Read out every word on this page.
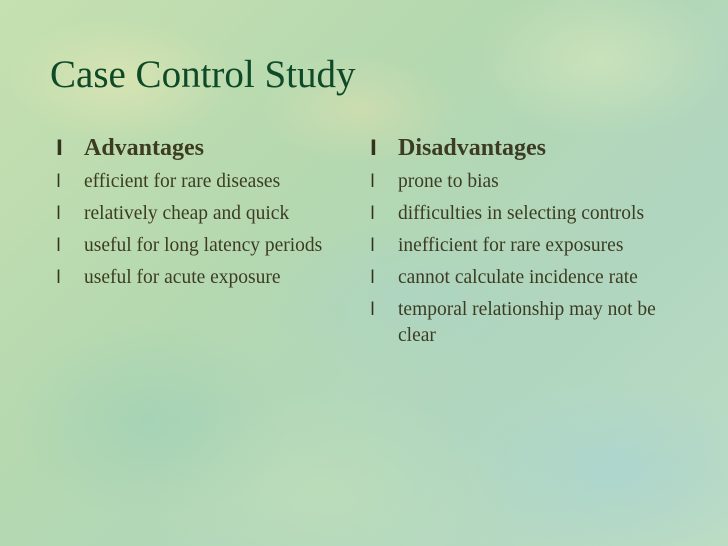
Case Control Study
l Advantages
l efficient for rare diseases
l relatively cheap and quick
l useful for long latency periods
l useful for acute exposure
l Disadvantages
l prone to bias
l difficulties in selecting controls
l inefficient for rare exposures
l cannot calculate incidence rate
l temporal relationship may not be clear
